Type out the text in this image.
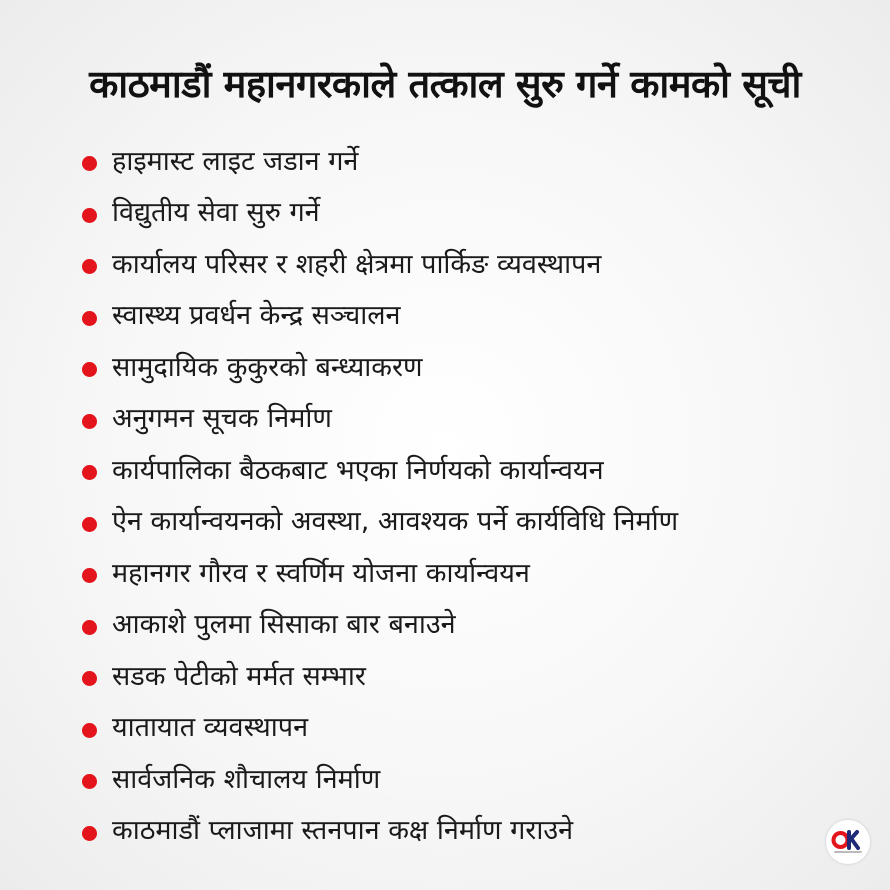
काठमाडौं महानगरकाले तत्काल सुरु गर्ने कामको सूची
हाइमास्ट लाइट जडान गर्ने
विद्युतीय सेवा सुरु गर्ने
कार्यालय परिसर र शहरी क्षेत्रमा पार्किङ व्यवस्थापन
स्वास्थ्य प्रवर्धन केन्द्र सञ्चालन
सामुदायिक कुकुरको बन्ध्याकरण
अनुगमन सूचक निर्माण
कार्यपालिका बैठकबाट भएका निर्णयको कार्यान्वयन
ऐन कार्यान्वयनको अवस्था, आवश्यक पर्ने कार्यविधि निर्माण
महानगर गौरव र स्वर्णिम योजना कार्यान्वयन
आकाशे पुलमा सिसाका बार बनाउने
सडक पेटीको मर्मत सम्भार
यातायात व्यवस्थापन
सार्वजनिक शौचालय निर्माण
काठमाडौं प्लाजामा स्तनपान कक्ष निर्माण गराउने
